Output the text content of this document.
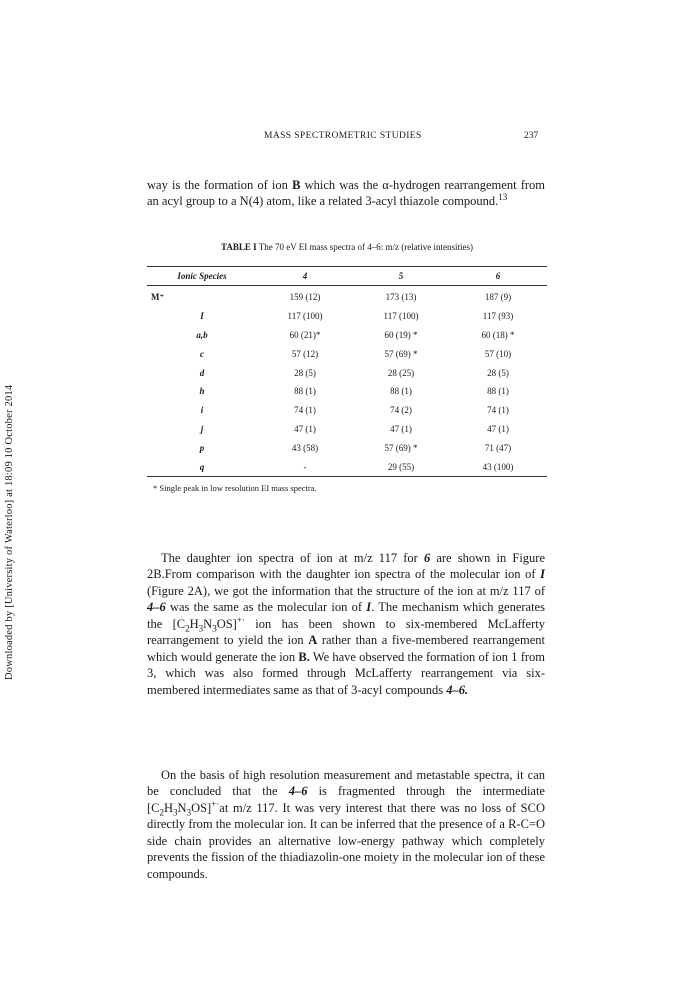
Downloaded by [University of Waterloo] at 18:09 10 October 2014
MASS SPECTROMETRIC STUDIES	237

way is the formation of ion B which was the α-hydrogen rearrangement from an acyl group to a N(4) atom, like a related 3-acyl thiazole compound.$^{13}$

TABLE I The 70 eV EI mass spectra of 4–6: m/z (relative intensities)
Ionic Species	4	5	6
M⁺	159 (12)	173 (13)	187 (9)
I	117 (100)	117 (100)	117 (93)
a,b	60 (21)*	60 (19) *	60 (18) *
c	57 (12)	57 (69) *	57 (10)
d	28 (5)	28 (25)	28 (5)
h	88 (1)	88 (1)	88 (1)
i	74 (1)	74 (2)	74 (1)
j	47 (1)	47 (1)	47 (1)
p	43 (58)	57 (69) *	71 (47)
q	-	29 (55)	43 (100)
* Single peak in low resolution EI mass spectra.

The daughter ion spectra of ion at m/z 117 for 6 are shown in Figure 2B.From comparison with the daughter ion spectra of the molecular ion of I (Figure 2A), we got the information that the structure of the ion at m/z 117 of 4–6 was the same as the molecular ion of I. The mechanism which generates the $[C_2H_3N_3OS]^{+\cdot}$ ion has been shown to six-membered McLafferty rearrangement to yield the ion A rather than a five-membered rearrangement which would generate the ion B. We have observed the formation of ion 1 from 3, which was also formed through McLafferty rearrangement via six-membered intermediates same as that of 3-acyl compounds 4–6.

On the basis of high resolution measurement and metastable spectra, it can be concluded that the 4–6 is fragmented through the intermediate $[C_2H_3N_3OS]^{+\cdot}at$ m/z 117. It was very interest that there was no loss of SCO directly from the molecular ion. It can be inferred that the presence of a R-C=O side chain provides an alternative low-energy pathway which completely prevents the fission of the thiadiazolin-one moiety in the molecular ion of these compounds.
